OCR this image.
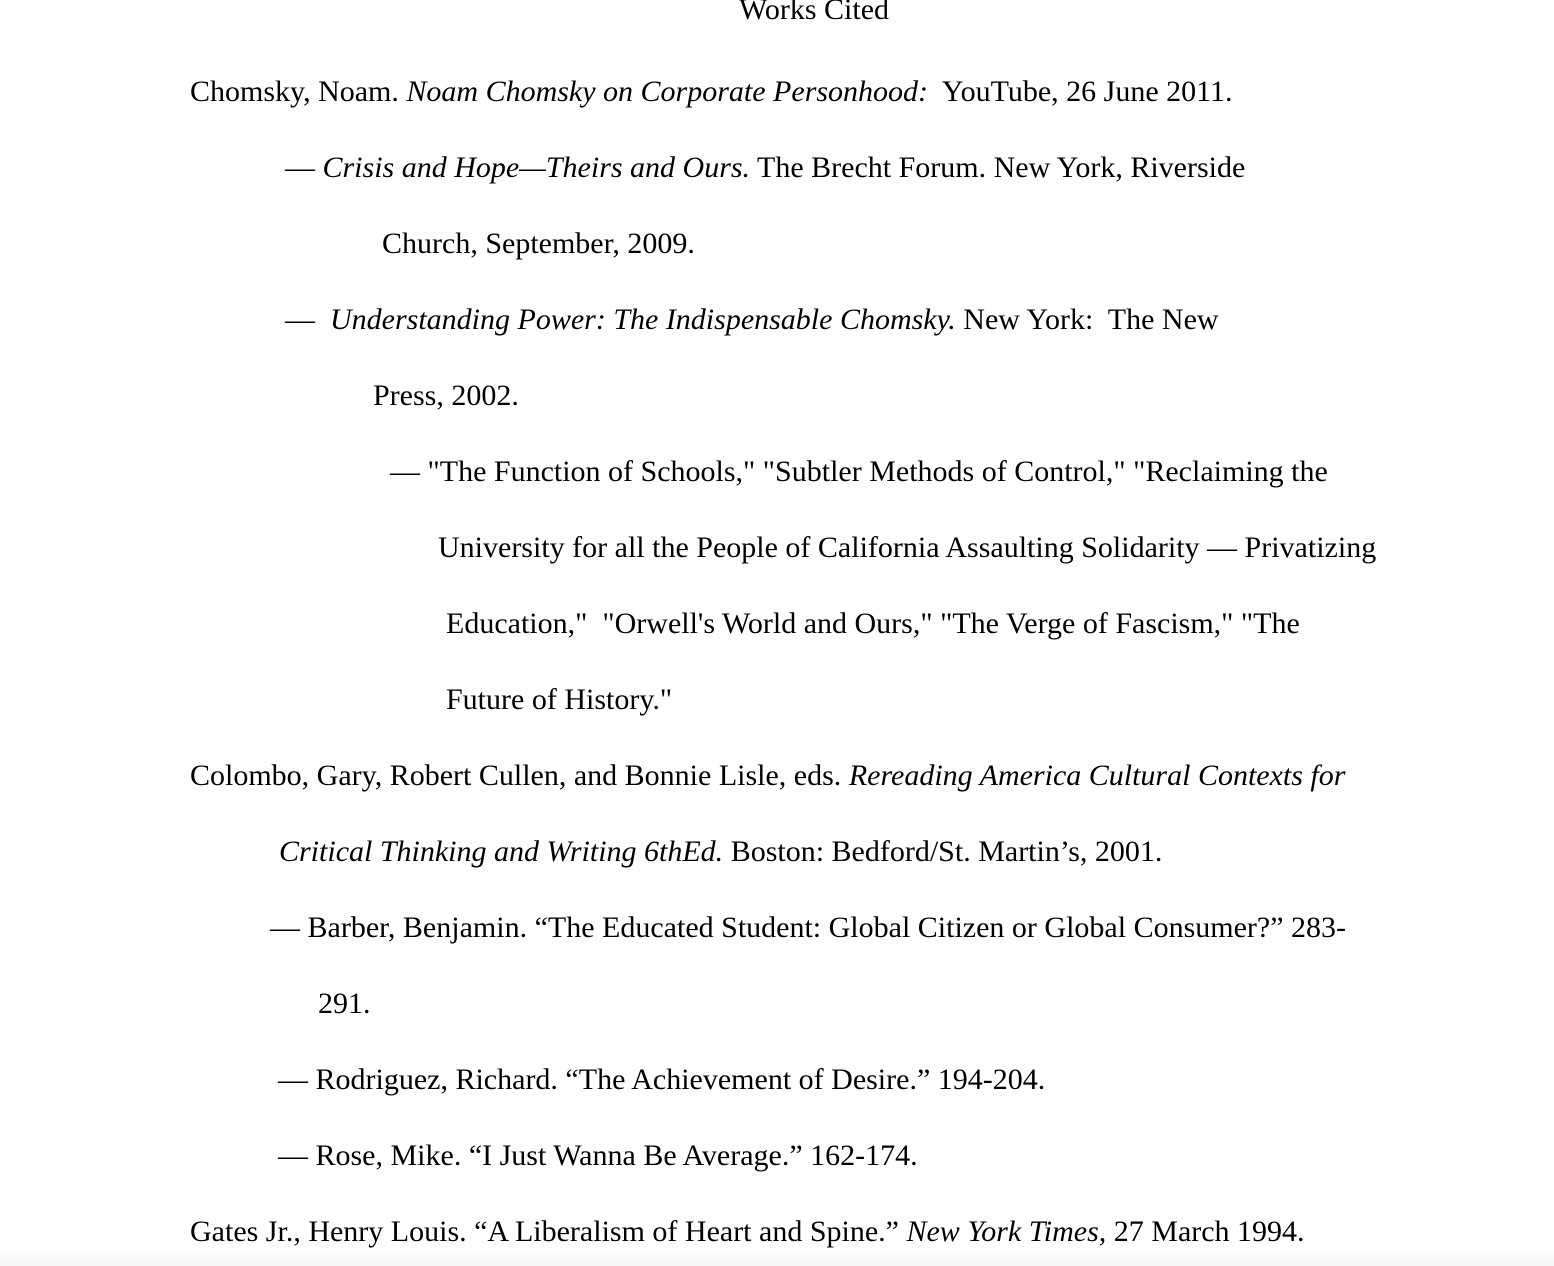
Works Cited
Chomsky, Noam. Noam Chomsky on Corporate Personhood:  YouTube, 26 June 2011.
— Crisis and Hope—Theirs and Ours. The Brecht Forum. New York, Riverside
Church, September, 2009.
—  Understanding Power: The Indispensable Chomsky. New York:  The New
Press, 2002.
— "The Function of Schools," "Subtler Methods of Control," "Reclaiming the
University for all the People of California Assaulting Solidarity — Privatizing
Education,"  "Orwell's World and Ours," "The Verge of Fascism," "The
Future of History."
Colombo, Gary, Robert Cullen, and Bonnie Lisle, eds. Rereading America Cultural Contexts for
Critical Thinking and Writing 6thEd. Boston: Bedford/St. Martin’s, 2001.
— Barber, Benjamin. “The Educated Student: Global Citizen or Global Consumer?” 283-
291.
— Rodriguez, Richard. “The Achievement of Desire.” 194-204.
— Rose, Mike. “I Just Wanna Be Average.” 162-174.
Gates Jr., Henry Louis. “A Liberalism of Heart and Spine.” New York Times, 27 March 1994.
